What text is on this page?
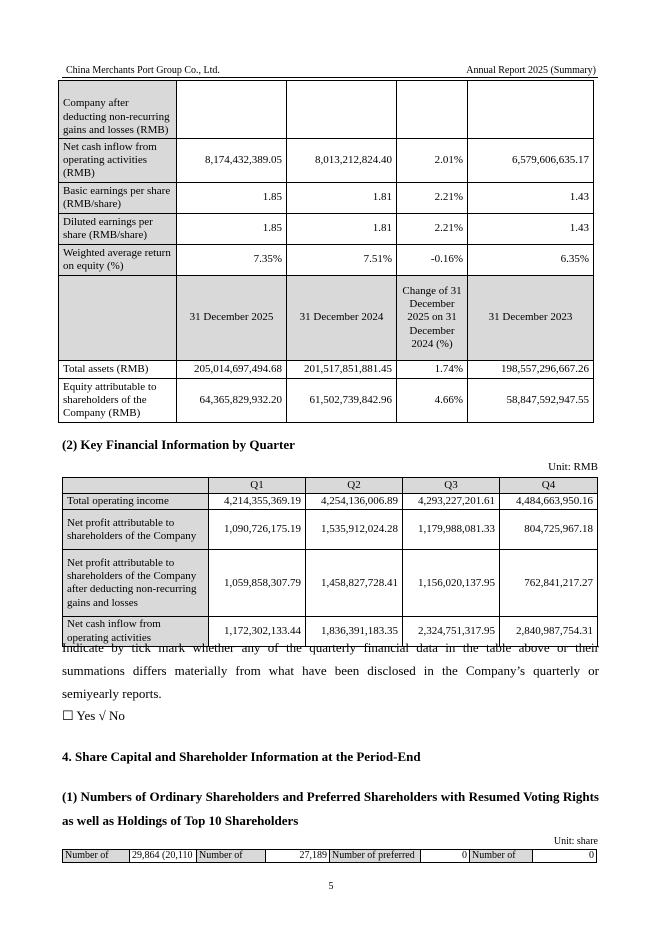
China Merchants Port Group Co., Ltd.	Annual Report 2025 (Summary)
Company after deducting non-recurring gains and losses (RMB)				
Net cash inflow from operating activities (RMB)	8,174,432,389.05	8,013,212,824.40	2.01%	6,579,606,635.17
Basic earnings per share (RMB/share)	1.85	1.81	2.21%	1.43
Diluted earnings per share (RMB/share)	1.85	1.81	2.21%	1.43
Weighted average return on equity (%)	7.35%	7.51%	-0.16%	6.35%
	31 December 2025	31 December 2024	Change of 31 December 2025 on 31 December 2024 (%)	31 December 2023
Total assets (RMB)	205,014,697,494.68	201,517,851,881.45	1.74%	198,557,296,667.26
Equity attributable to shareholders of the Company (RMB)	64,365,829,932.20	61,502,739,842.96	4.66%	58,847,592,947.55
(2) Key Financial Information by Quarter
Unit: RMB
	Q1	Q2	Q3	Q4
Total operating income	4,214,355,369.19	4,254,136,006.89	4,293,227,201.61	4,484,663,950.16
Net profit attributable to shareholders of the Company	1,090,726,175.19	1,535,912,024.28	1,179,988,081.33	804,725,967.18
Net profit attributable to shareholders of the Company after deducting non-recurring gains and losses	1,059,858,307.79	1,458,827,728.41	1,156,020,137.95	762,841,217.27
Net cash inflow from operating activities	1,172,302,133.44	1,836,391,183.35	2,324,751,317.95	2,840,987,754.31
Indicate by tick mark whether any of the quarterly financial data in the table above or their summations differs materially from what have been disclosed in the Company’s quarterly or semiyearly reports.
☐ Yes √ No
4. Share Capital and Shareholder Information at the Period-End
(1) Numbers of Ordinary Shareholders and Preferred Shareholders with Resumed Voting Rights as well as Holdings of Top 10 Shareholders
Unit: share
Number of	29,864 (20,110	Number of	27,189	Number of preferred	0	Number of	0
5
